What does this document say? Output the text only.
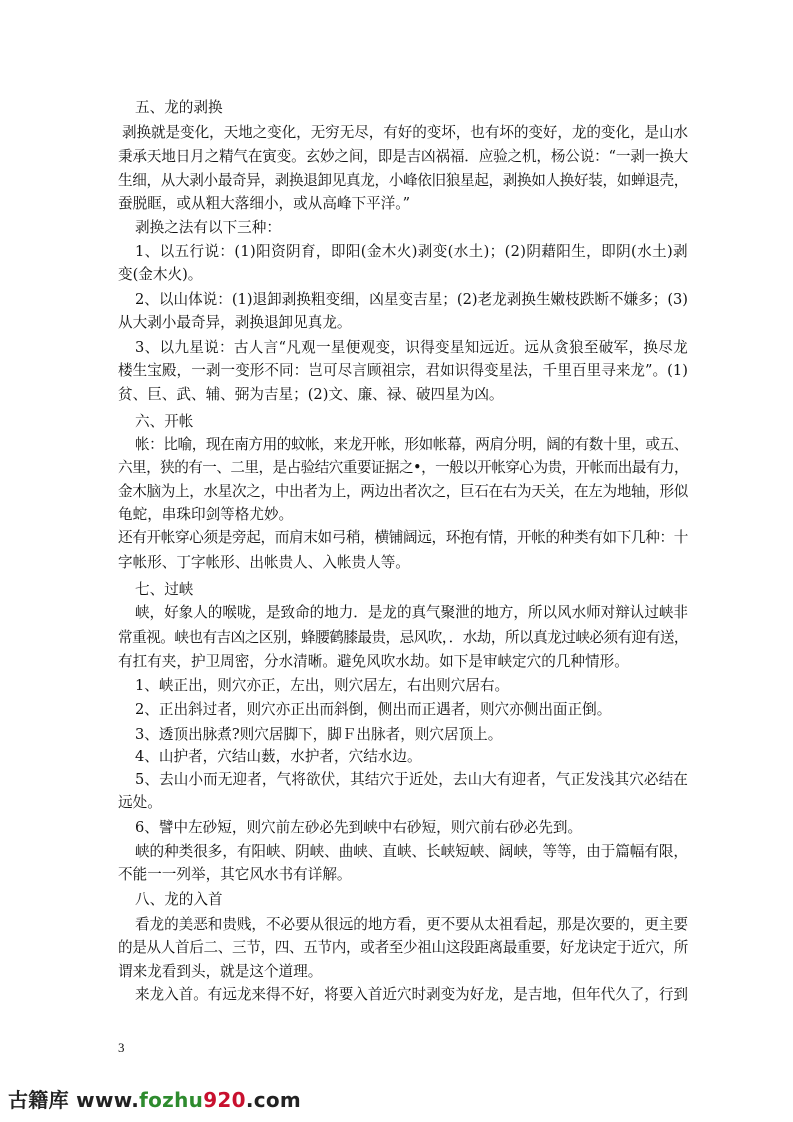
五、龙的剥换
剥换就是变化，天地之变化，无穷无尽，有好的变坏，也有坏的变好，龙的变化，是山水
秉承天地日月之精气在寅变。玄妙之间，即是吉凶祸福．应验之机，杨公说：“一剥一换大
生细，从大剥小最奇异，剥换退卸见真龙，小峰依旧狼星起，剥换如人换好装，如蝉退壳，
蚕脱眶，或从粗大落细小，或从高峰下平洋。”
剥换之法有以下三种：
1、以五行说：(1)阳资阴育，即阳(金木火)剥变(水土)；(2)阴藉阳生，即阴(水土)剥
变(金木火)。
2、以山体说：(1)退卸剥换粗变细，凶星变吉星；(2)老龙剥换生嫩枝跌断不嫌多；(3)
从大剥小最奇异，剥换退卸见真龙。
3、以九星说：古人言“凡观一星便观变，识得变星知远近。远从贪狼至破军，换尽龙
楼生宝殿，一剥一变形不同：岂可尽言顾祖宗，君如识得变星法，千里百里寻来龙”。(1)
贫、巨、武、辅、弼为吉星；(2)文、廉、禄、破四星为凶。
六、开帐
帐：比喻，现在南方用的蚊帐，来龙开帐，形如帐幕，两肩分明，阔的有数十里，或五、
六里，狭的有一、二里，是占验结穴重要证据之•，一般以开帐穿心为贵，开帐而出最有力，
金木脑为上，水星次之，中出者为上，两边出者次之，巨石在右为天关，在左为地轴，形似
龟蛇，串珠印剑等格尤妙。
还有开帐穿心须是旁起，而肩末如弓稍，横铺阔远，环抱有情，开帐的种类有如下几种：十
字帐形、丁字帐形、出帐贵人、入帐贵人等。
七、过峡
峡，好象人的喉咙，是致命的地力．是龙的真气聚泄的地方，所以风水师对辩认过峡非
常重视。峡也有吉凶之区别，蜂腰鹤膝最贵，忌风吹，．水劫，所以真龙过峡必须有迎有送，
有扛有夹，护卫周密，分水清晰。避免风吹水劫。如下是审峡定穴的几种情形。
1、峡正出，则穴亦正，左出，则穴居左，右出则穴居右。
2、正出斜过者，则穴亦正出而斜倒，侧出而正遇者，则穴亦侧出面正倒。
3、透顶出脉煮?则穴居脚下，脚Ｆ出脉者，则穴居顶上。
4、山护者，穴结山薮，水护者，穴结水边。
5、去山小而无迎者，气将欲伏，其结穴于近处，去山大有迎者，气正发浅其穴必结在
远处。
6、譬中左砂短，则穴前左砂必先到峡中右砂短，则穴前右砂必先到。
峡的种类很多，有阳峡、阴峡、曲峡、直峡、长峡短峡、阔峡，等等，由于篇幅有限，
不能一一列举，其它风水书有详解。
八、龙的入首
看龙的美恶和贵贱，不必要从很远的地方看，更不要从太祖看起，那是次要的，更主要
的是从人首后二、三节，四、五节内，或者至少祖山这段距离最重要，好龙诀定于近穴，所
谓来龙看到头，就是这个道理。
来龙入首。有远龙来得不好，将要入首近穴时剥变为好龙，是吉地，但年代久了，行到
3
古籍库 www.fozhu920.com
